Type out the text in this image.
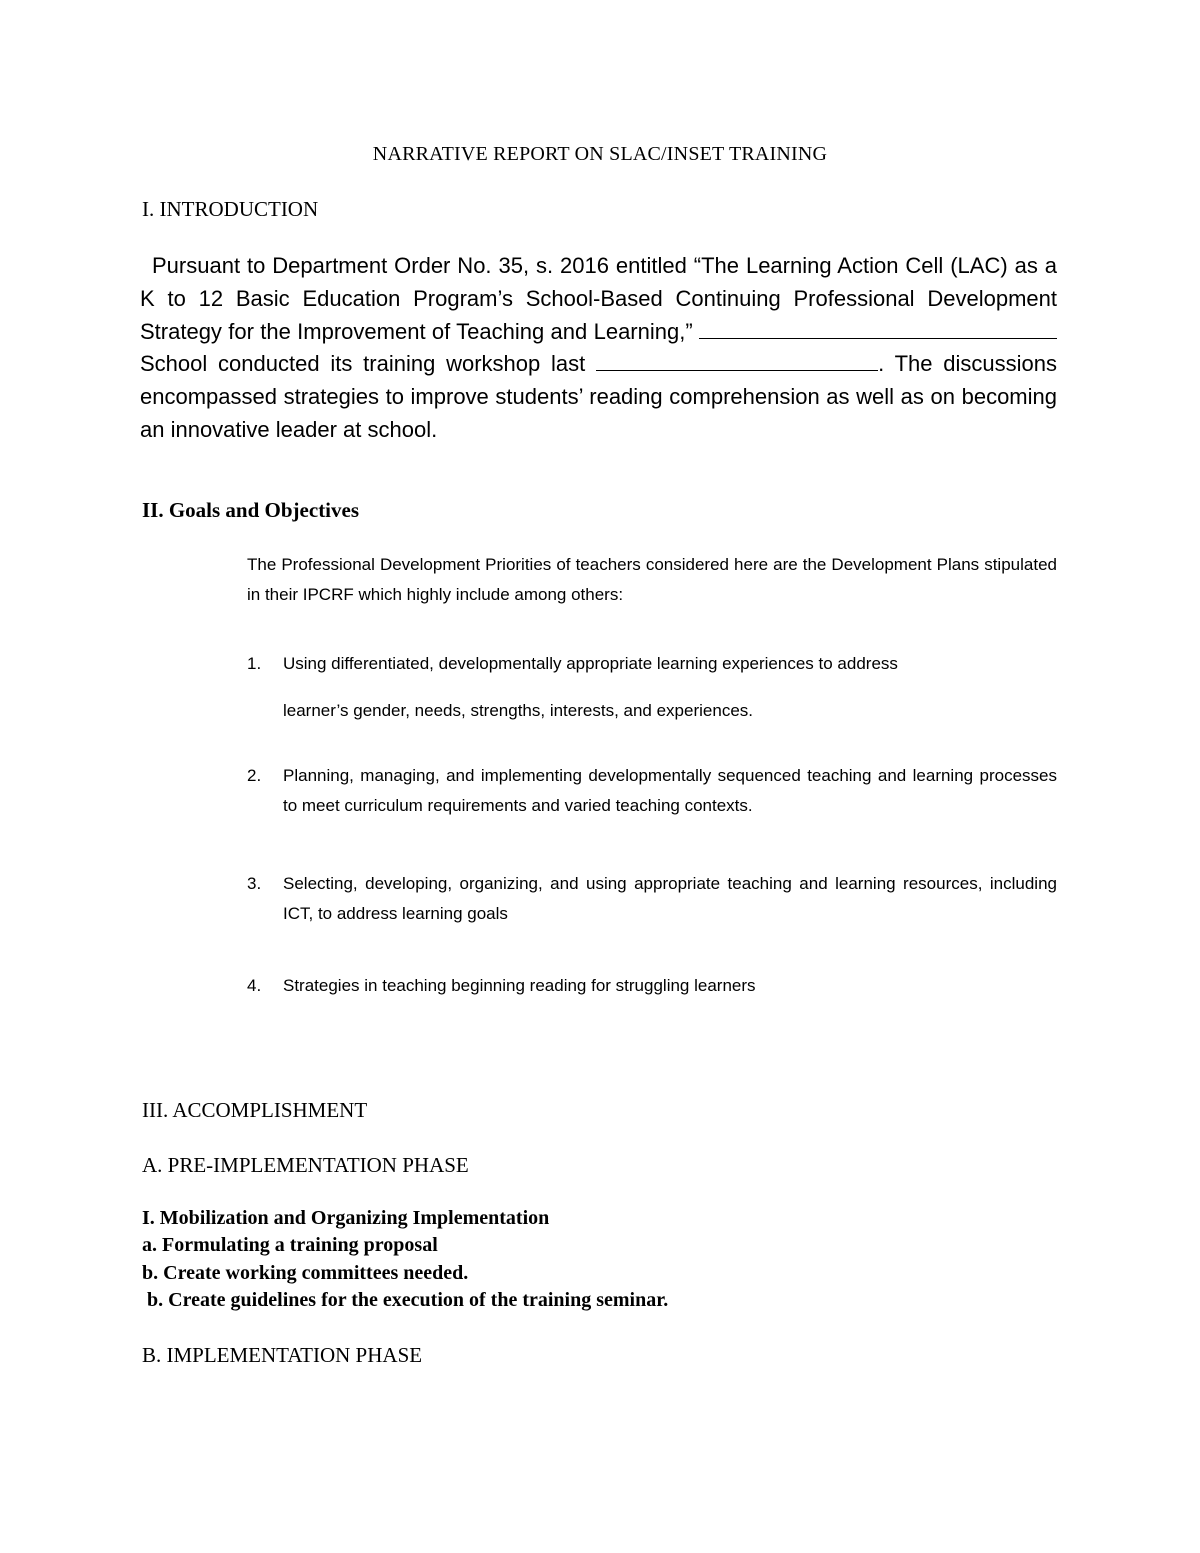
NARRATIVE REPORT ON SLAC/INSET TRAINING
I. INTRODUCTION

Pursuant to Department Order No. 35, s. 2016 entitled “The Learning Action Cell (LAC) as a K to 12 Basic Education Program’s School-Based Continuing Professional Development Strategy for the Improvement of Teaching and Learning,” School conducted its training workshop last	. The discussions encompassed strategies to improve students’ reading comprehension as well as on becoming an innovative leader at school.

II. Goals and Objectives
The Professional Development Priorities of teachers considered here are the Development Plans stipulated in their IPCRF which highly include among others:
1. Using differentiated, developmentally appropriate learning experiences to address
learner’s gender, needs, strengths, interests, and experiences.
2. Planning, managing, and implementing developmentally sequenced teaching and learning processes to meet curriculum requirements and varied teaching contexts.
3. Selecting, developing, organizing, and using appropriate teaching and learning resources, including ICT, to address learning goals
4. Strategies in teaching beginning reading for struggling learners
III. ACCOMPLISHMENT
A. PRE-IMPLEMENTATION PHASE
I. Mobilization and Organizing Implementation
a. Formulating a training proposal
b. Create working committees needed.
b. Create guidelines for the execution of the training seminar.
B. IMPLEMENTATION PHASE
